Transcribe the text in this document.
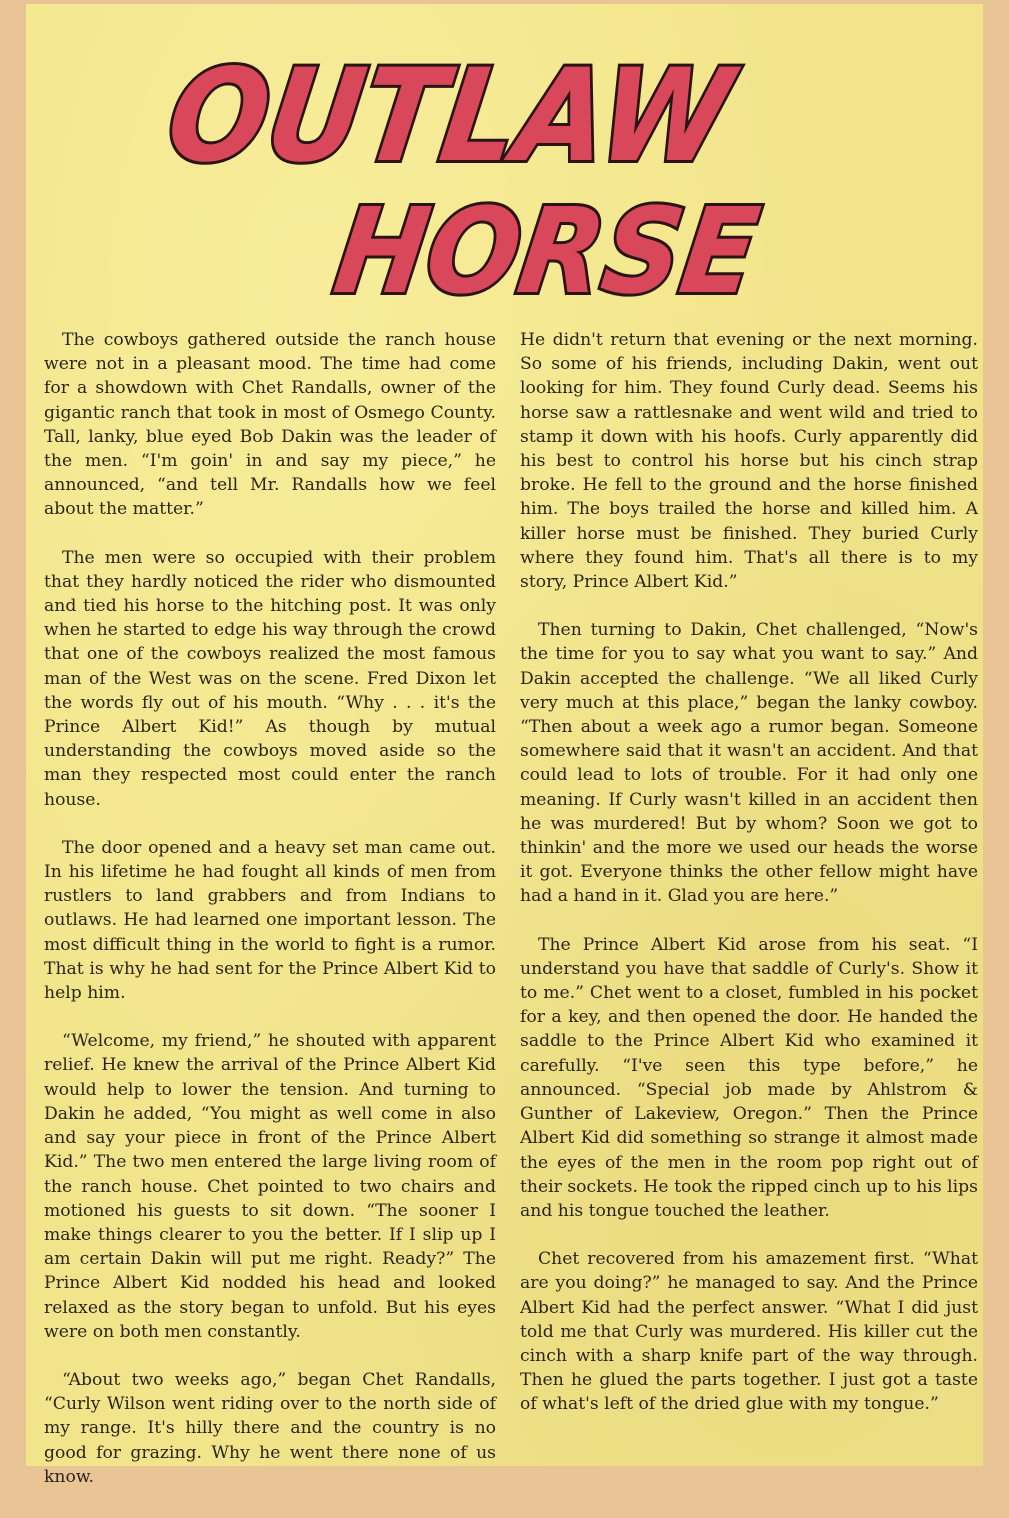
OUTLAW
HORSE

The cowboys gathered outside the ranch house were not in a pleasant mood. The time had come for a showdown with Chet Randalls, owner of the gigantic ranch that took in most of Osmego County. Tall, lanky, blue eyed Bob Dakin was the leader of the men. “I'm goin' in and say my piece,” he announced, “and tell Mr. Randalls how we feel about the matter.”

The men were so occupied with their problem that they hardly noticed the rider who dismounted and tied his horse to the hitching post. It was only when he started to edge his way through the crowd that one of the cowboys realized the most famous man of the West was on the scene. Fred Dixon let the words fly out of his mouth. “Why . . . it's the Prince Albert Kid!” As though by mutual understanding the cowboys moved aside so the man they respected most could enter the ranch house.

The door opened and a heavy set man came out. In his lifetime he had fought all kinds of men from rustlers to land grabbers and from Indians to outlaws. He had learned one important lesson. The most difficult thing in the world to fight is a rumor. That is why he had sent for the Prince Albert Kid to help him.

“Welcome, my friend,” he shouted with apparent relief. He knew the arrival of the Prince Albert Kid would help to lower the tension. And turning to Dakin he added, “You might as well come in also and say your piece in front of the Prince Albert Kid.” The two men entered the large living room of the ranch house. Chet pointed to two chairs and motioned his guests to sit down. “The sooner I make things clearer to you the better. If I slip up I am certain Dakin will put me right. Ready?” The Prince Albert Kid nodded his head and looked relaxed as the story began to unfold. But his eyes were on both men constantly.

“About two weeks ago,” began Chet Randalls, “Curly Wilson went riding over to the north side of my range. It's hilly there and the country is no good for grazing. Why he went there none of us know.

He didn't return that evening or the next morning. So some of his friends, including Dakin, went out looking for him. They found Curly dead. Seems his horse saw a rattlesnake and went wild and tried to stamp it down with his hoofs. Curly apparently did his best to control his horse but his cinch strap broke. He fell to the ground and the horse finished him. The boys trailed the horse and killed him. A killer horse must be finished. They buried Curly where they found him. That's all there is to my story, Prince Albert Kid.”

Then turning to Dakin, Chet challenged, “Now's the time for you to say what you want to say.” And Dakin accepted the challenge. “We all liked Curly very much at this place,” began the lanky cowboy. “Then about a week ago a rumor began. Someone somewhere said that it wasn't an accident. And that could lead to lots of trouble. For it had only one meaning. If Curly wasn't killed in an accident then he was murdered! But by whom? Soon we got to thinkin' and the more we used our heads the worse it got. Everyone thinks the other fellow might have had a hand in it. Glad you are here.”

The Prince Albert Kid arose from his seat. “I understand you have that saddle of Curly's. Show it to me.” Chet went to a closet, fumbled in his pocket for a key, and then opened the door. He handed the saddle to the Prince Albert Kid who examined it carefully. “I've seen this type before,” he announced. “Special job made by Ahlstrom & Gunther of Lakeview, Oregon.” Then the Prince Albert Kid did something so strange it almost made the eyes of the men in the room pop right out of their sockets. He took the ripped cinch up to his lips and his tongue touched the leather.

Chet recovered from his amazement first. “What are you doing?” he managed to say. And the Prince Albert Kid had the perfect answer. “What I did just told me that Curly was murdered. His killer cut the cinch with a sharp knife part of the way through. Then he glued the parts together. I just got a taste of what's left of the dried glue with my tongue.”
